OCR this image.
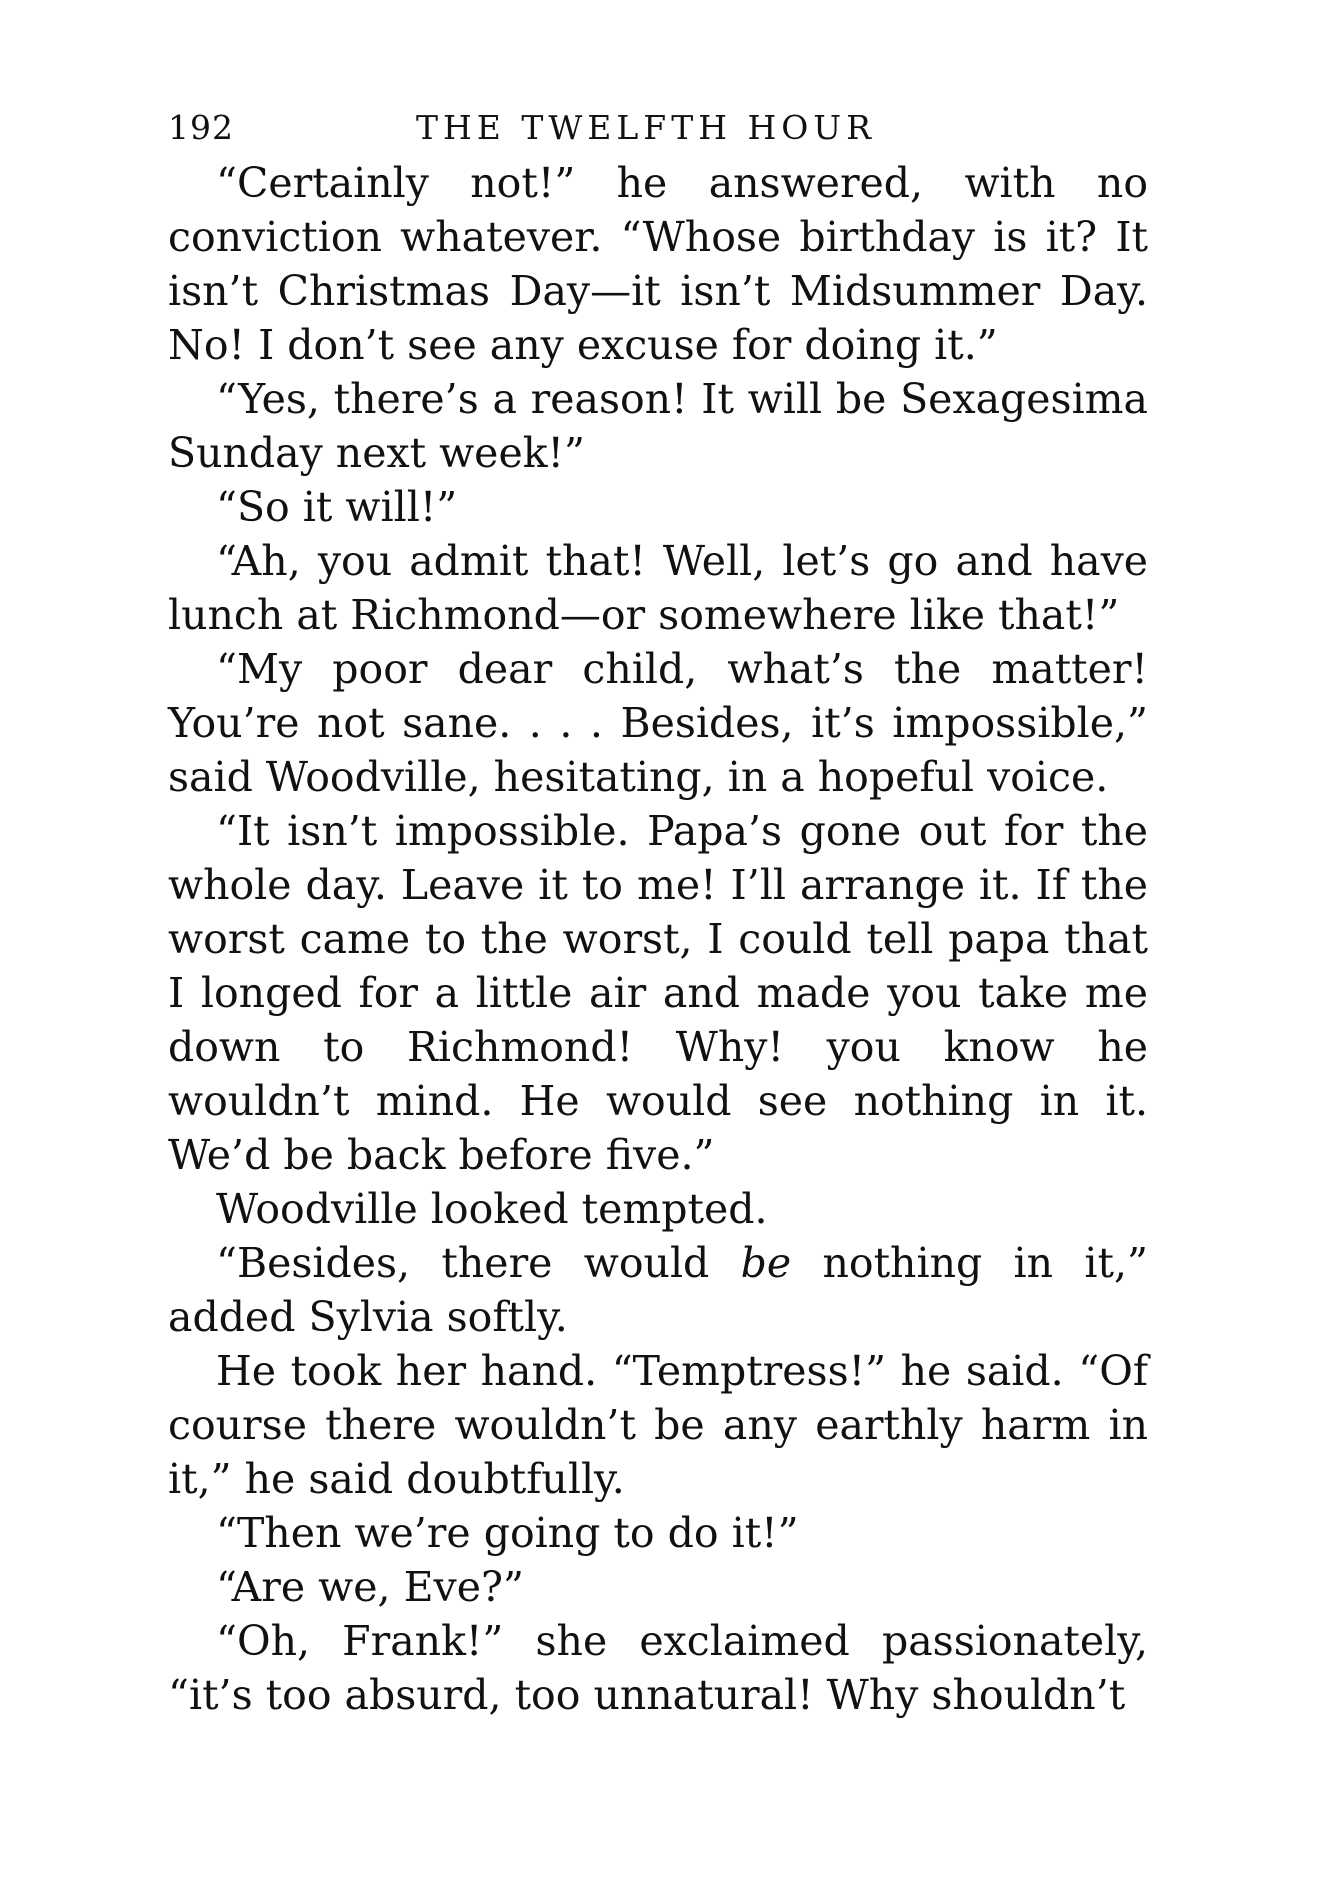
192	THE TWELFTH HOUR

“Certainly not!” he answered, with no conviction whatever. “Whose birthday is it? It isn’t Christmas Day—it isn’t Midsummer Day. No! I don’t see any excuse for doing it.”

“Yes, there’s a reason! It will be Sexagesima Sunday next week!”

“So it will!”

“Ah, you admit that! Well, let’s go and have lunch at Richmond—or somewhere like that!”

“My poor dear child, what’s the matter! You’re not sane. . . . Besides, it’s impossible,” said Woodville, hesitating, in a hopeful voice.

“It isn’t impossible. Papa’s gone out for the whole day. Leave it to me! I’ll arrange it. If the worst came to the worst, I could tell papa that I longed for a little air and made you take me down to Richmond! Why! you know he wouldn’t mind. He would see nothing in it. We’d be back before five.”

Woodville looked tempted.

“Besides, there would be nothing in it,” added Sylvia softly.

He took her hand. “Temptress!” he said. “Of course there wouldn’t be any earthly harm in it,” he said doubtfully.

“Then we’re going to do it!”

“Are we, Eve?”

“Oh, Frank!” she exclaimed passionately, “it’s too absurd, too unnatural! Why shouldn’t
